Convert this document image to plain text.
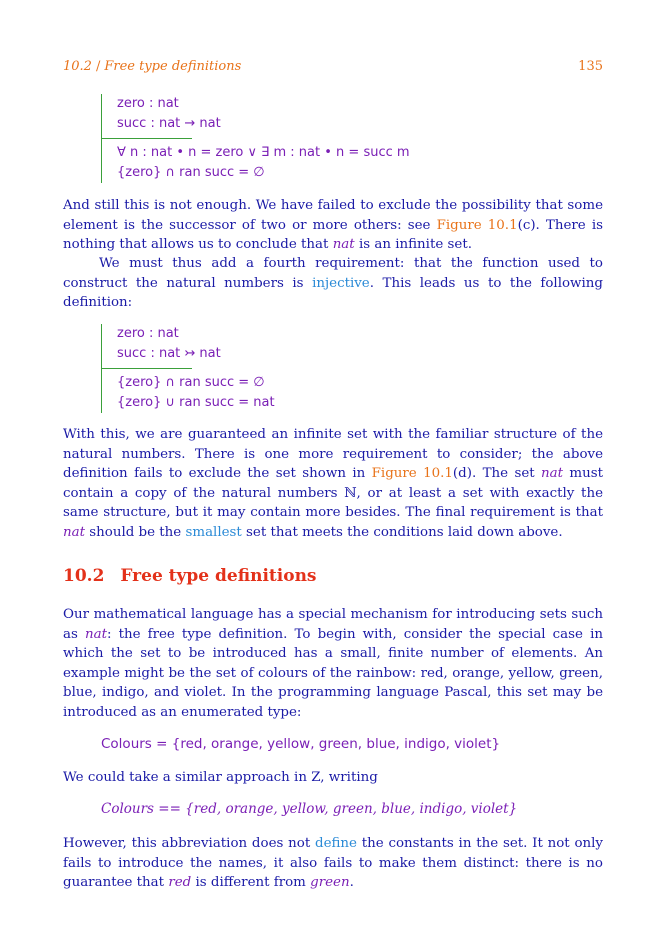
10.2 / Free type definitions	135
zero : nat
succ : nat → nat
∀ n : nat • n = zero ∨ ∃ m : nat • n = succ m
{zero} ∩ ran succ = ∅
And still this is not enough. We have failed to exclude the possibility that some element is the successor of two or more others: see Figure 10.1(c). There is nothing that allows us to conclude that nat is an infinite set.
We must thus add a fourth requirement: that the function used to construct the natural numbers is injective. This leads us to the following definition:
zero : nat
succ : nat ↣ nat
{zero} ∩ ran succ = ∅
{zero} ∪ ran succ = nat
With this, we are guaranteed an infinite set with the familiar structure of the natural numbers. There is one more requirement to consider; the above definition fails to exclude the set shown in Figure 10.1(d). The set nat must contain a copy of the natural numbers ℕ, or at least a set with exactly the same structure, but it may contain more besides. The final requirement is that nat should be the smallest set that meets the conditions laid down above.
10.2 Free type definitions
Our mathematical language has a special mechanism for introducing sets such as nat: the free type definition. To begin with, consider the special case in which the set to be introduced has a small, finite number of elements. An example might be the set of colours of the rainbow: red, orange, yellow, green, blue, indigo, and violet. In the programming language Pascal, this set may be introduced as an enumerated type:
Colours = {red, orange, yellow, green, blue, indigo, violet}
We could take a similar approach in Z, writing
Colours == {red, orange, yellow, green, blue, indigo, violet}
However, this abbreviation does not define the constants in the set. It not only fails to introduce the names, it also fails to make them distinct: there is no guarantee that red is different from green.
